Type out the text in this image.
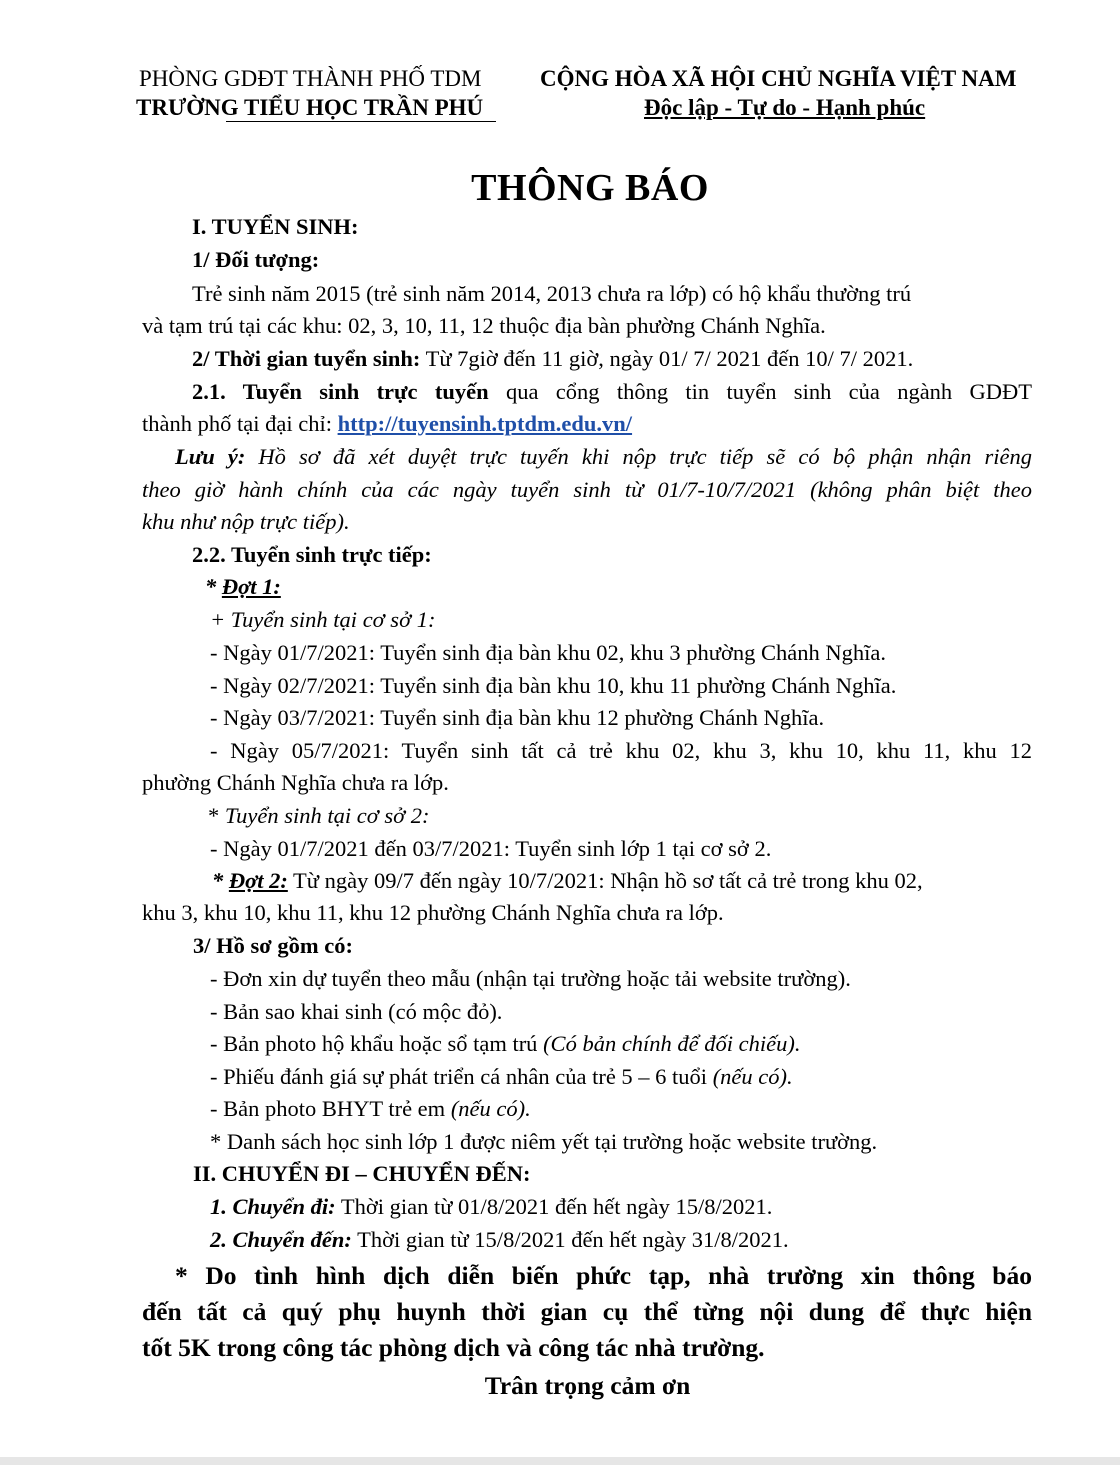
PHÒNG GDĐT THÀNH PHỐ TDM
TRƯỜNG TIỂU HỌC TRẦN PHÚ
CỘNG HÒA XÃ HỘI CHỦ NGHĨA VIỆT NAM
Độc lập - Tự do - Hạnh phúc
THÔNG BÁO
I. TUYỂN SINH:
1/ Đối tượng:
Trẻ sinh năm 2015 (trẻ sinh năm 2014, 2013 chưa ra lớp) có hộ khẩu thường trú
và tạm trú tại các khu: 02, 3, 10, 11, 12 thuộc địa bàn phường Chánh Nghĩa.
2/ Thời gian tuyển sinh: Từ 7giờ đến 11 giờ, ngày 01/ 7/ 2021 đến 10/ 7/ 2021.
2.1. Tuyển sinh trực tuyến qua cổng thông tin tuyển sinh của ngành GDĐT
thành phố tại đại chỉ: http://tuyensinh.tptdm.edu.vn/
Lưu ý: Hồ sơ đã xét duyệt trực tuyến khi nộp trực tiếp sẽ có bộ phận nhận riêng
theo giờ hành chính của các ngày tuyển sinh từ 01/7-10/7/2021 (không phân biệt theo
khu như nộp trực tiếp).
2.2. Tuyển sinh trực tiếp:
* Đợt 1:
+ Tuyển sinh tại cơ sở 1:
- Ngày 01/7/2021: Tuyển sinh địa bàn khu 02, khu 3 phường Chánh Nghĩa.
- Ngày 02/7/2021: Tuyển sinh địa bàn khu 10, khu 11 phường Chánh Nghĩa.
- Ngày 03/7/2021: Tuyển sinh địa bàn khu 12 phường Chánh Nghĩa.
- Ngày 05/7/2021: Tuyển sinh tất cả trẻ khu 02, khu 3, khu 10, khu 11, khu 12
phường Chánh Nghĩa chưa ra lớp.
* Tuyển sinh tại cơ sở 2:
- Ngày 01/7/2021 đến 03/7/2021: Tuyển sinh lớp 1 tại cơ sở 2.
* Đợt 2: Từ ngày 09/7 đến ngày 10/7/2021: Nhận hồ sơ tất cả trẻ trong khu 02,
khu 3, khu 10, khu 11, khu 12 phường Chánh Nghĩa chưa ra lớp.
3/ Hồ sơ gồm có:
- Đơn xin dự tuyển theo mẫu (nhận tại trường hoặc tải website trường).
- Bản sao khai sinh (có mộc đỏ).
- Bản photo hộ khẩu hoặc sổ tạm trú (Có bản chính để đối chiếu).
- Phiếu đánh giá sự phát triển cá nhân của trẻ 5 – 6 tuổi (nếu có).
- Bản photo BHYT trẻ em (nếu có).
* Danh sách học sinh lớp 1 được niêm yết tại trường hoặc website trường.
II. CHUYỂN ĐI – CHUYỂN ĐẾN:
1. Chuyển đi: Thời gian từ 01/8/2021 đến hết ngày 15/8/2021.
2. Chuyển đến: Thời gian từ 15/8/2021 đến hết ngày 31/8/2021.
* Do tình hình dịch diễn biến phức tạp, nhà trường xin thông báo
đến tất cả quý phụ huynh thời gian cụ thể từng nội dung để thực hiện
tốt 5K trong công tác phòng dịch và công tác nhà trường.
Trân trọng cảm ơn
